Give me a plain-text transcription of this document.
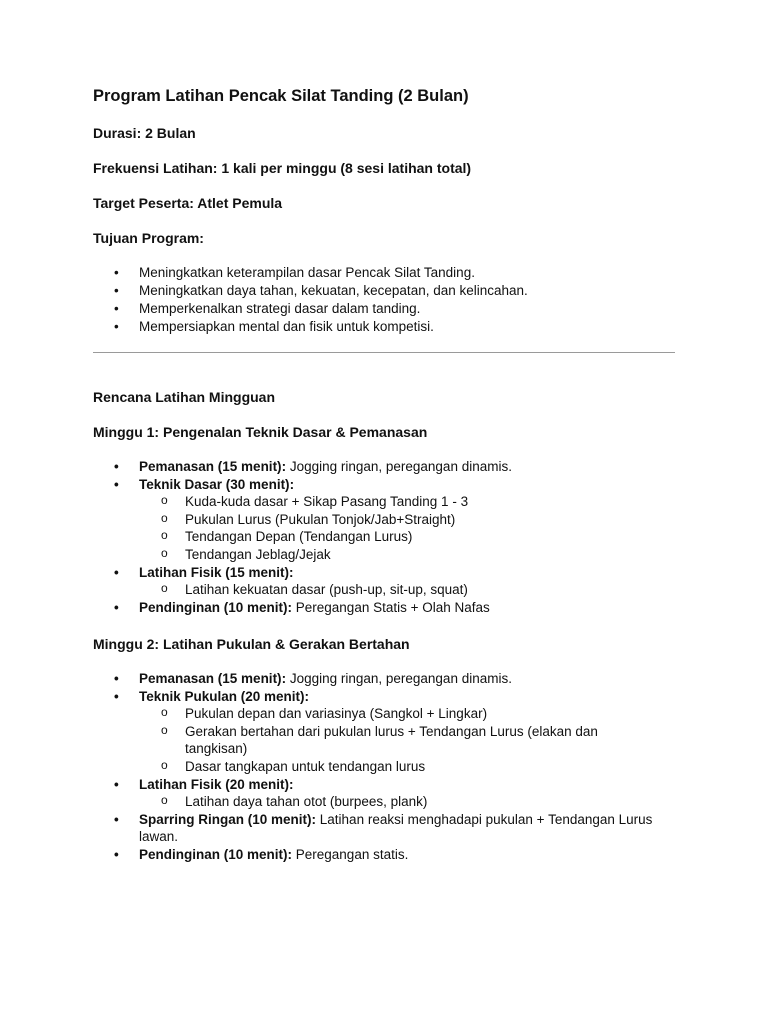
Program Latihan Pencak Silat Tanding (2 Bulan)
Durasi: 2 Bulan
Frekuensi Latihan: 1 kali per minggu (8 sesi latihan total)
Target Peserta: Atlet Pemula
Tujuan Program:
• Meningkatkan keterampilan dasar Pencak Silat Tanding.
• Meningkatkan daya tahan, kekuatan, kecepatan, dan kelincahan.
• Memperkenalkan strategi dasar dalam tanding.
• Mempersiapkan mental dan fisik untuk kompetisi.
Rencana Latihan Mingguan
Minggu 1: Pengenalan Teknik Dasar & Pemanasan
• Pemanasan (15 menit): Jogging ringan, peregangan dinamis.
• Teknik Dasar (30 menit):
o Kuda-kuda dasar + Sikap Pasang Tanding 1 - 3
o Pukulan Lurus (Pukulan Tonjok/Jab+Straight)
o Tendangan Depan (Tendangan Lurus)
o Tendangan Jeblag/Jejak
• Latihan Fisik (15 menit):
o Latihan kekuatan dasar (push-up, sit-up, squat)
• Pendinginan (10 menit): Peregangan Statis + Olah Nafas
Minggu 2: Latihan Pukulan & Gerakan Bertahan
• Pemanasan (15 menit): Jogging ringan, peregangan dinamis.
• Teknik Pukulan (20 menit):
o Pukulan depan dan variasinya (Sangkol + Lingkar)
o Gerakan bertahan dari pukulan lurus + Tendangan Lurus (elakan dan tangkisan)
o Dasar tangkapan untuk tendangan lurus
• Latihan Fisik (20 menit):
o Latihan daya tahan otot (burpees, plank)
• Sparring Ringan (10 menit): Latihan reaksi menghadapi pukulan + Tendangan Lurus lawan.
• Pendinginan (10 menit): Peregangan statis.
